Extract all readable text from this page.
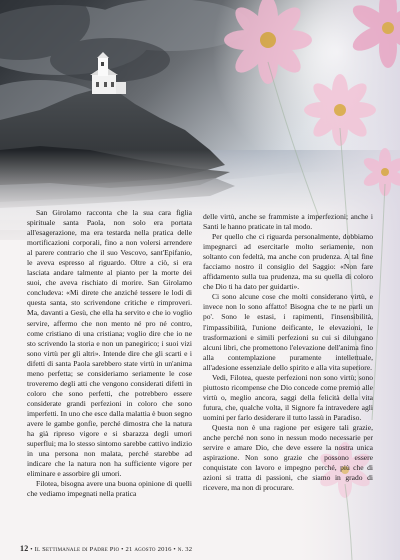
San Girolamo racconta che la sua cara figlia spirituale santa Paola, non solo era portata all'esagerazione, ma era testarda nella pratica delle mortificazioni corporali, fino a non volersi arrendere al parere contrario che il suo Vescovo, sant'Epifanio, le aveva espresso al riguardo. Oltre a ciò, si era lasciata andare talmente al pianto per la morte dei suoi, che aveva rischiato di morire. San Girolamo concludeva: «Mi direte che anziché tessere le lodi di questa santa, sto scrivendone critiche e rimproveri. Ma, davanti a Gesù, che ella ha servito e che io voglio servire, affermo che non mento né pro né contro, come cristiano di una cristiana; voglio dire che io ne sto scrivendo la storia e non un panegirico; i suoi vizi sono virtù per gli altri». Intende dire che gli scarti e i difetti di santa Paola sarebbero state virtù in un'anima meno perfetta; se consideriamo seriamente le cose troveremo degli atti che vengono considerati difetti in coloro che sono perfetti, che potrebbero essere considerate grandi perfezioni in coloro che sono imperfetti. In uno che esce dalla malattia è buon segno avere le gambe gonfie, perché dimostra che la natura ha già ripreso vigore e si sbarazza degli umori superflui; ma lo stesso sintomo sarebbe cattivo indizio in una persona non malata, perché starebbe ad indicare che la natura non ha sufficiente vigore per eliminare e assorbire gli umori.

Filotea, bisogna avere una buona opinione di quelli che vediamo impegnati nella pratica

delle virtù, anche se frammiste a imperfezioni; anche i Santi le hanno praticate in tal modo.

Per quello che ci riguarda personalmente, dobbiamo impegnarci ad esercitarle molto seriamente, non soltanto con fedeltà, ma anche con prudenza. A tal fine facciamo nostro il consiglio del Saggio: «Non fare affidamento sulla tua prudenza, ma su quella di coloro che Dio ti ha dato per guidarti».

Ci sono alcune cose che molti considerano virtù, e invece non lo sono affatto! Bisogna che te ne parli un po'. Sono le estasi, i rapimenti, l'insensibilità, l'impassibilità, l'unione deificante, le elevazioni, le trasformazioni e simili perfezioni su cui si dilungano alcuni libri, che promettono l'elevazione dell'anima fino alla contemplazione puramente intellettuale, all'adesione essenziale dello spirito e alla vita superiore.

Vedi, Filotea, queste perfezioni non sono virtù; sono piuttosto ricompense che Dio concede come premio alle virtù o, meglio ancora, saggi della felicità della vita futura, che, qualche volta, il Signore fa intravedere agli uomini per farlo desiderare il tutto lassù in Paradiso.

Questa non è una ragione per esigere tali grazie, anche perché non sono in nessun modo necessarie per servire e amare Dio, che deve essere la nostra unica aspirazione. Non sono grazie che possono essere conquistate con lavoro e impegno perché, più che di azioni si tratta di passioni, che siamo in grado di ricevere, ma non di procurare.

12 • Il Settimanale di Padre Pio • 21 agosto 2016 • n. 32
